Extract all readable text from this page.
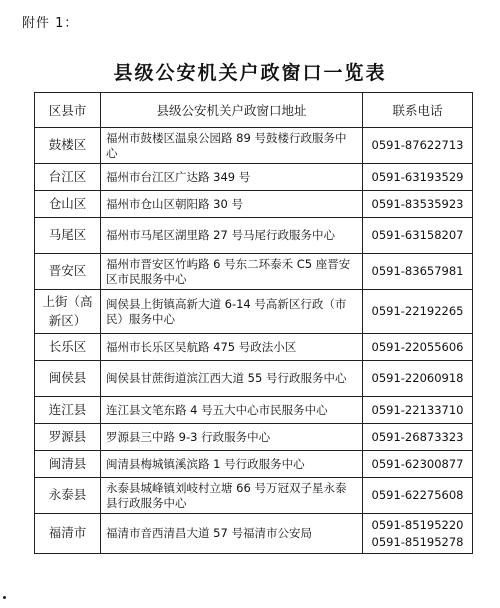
附件 1：
县级公安机关户政窗口一览表
区县市	县级公安机关户政窗口地址	联系电话
鼓楼区	福州市鼓楼区温泉公园路 89 号鼓楼行政服务中心	0591-87622713
台江区	福州市台江区广达路 349 号	0591-63193529
仓山区	福州市仓山区朝阳路 30 号	0591-83535923
马尾区	福州市马尾区湖里路 27 号马尾行政服务中心	0591-63158207
晋安区	福州市晋安区竹屿路 6 号东二环泰禾 C5 座晋安区市民服务中心	0591-83657981
上街（高新区）	闽侯县上街镇高新大道 6-14 号高新区行政（市民）服务中心	0591-22192265
长乐区	福州市长乐区吴航路 475 号政法小区	0591-22055606
闽侯县	闽侯县甘蔗街道滨江西大道 55 号行政服务中心	0591-22060918
连江县	连江县文笔东路 4 号五大中心市民服务中心	0591-22133710
罗源县	罗源县三中路 9-3 行政服务中心	0591-26873323
闽清县	闽清县梅城镇溪滨路 1 号行政服务中心	0591-62300877
永泰县	永泰县城峰镇刘岐村立塘 66 号万冠双子星永泰县行政服务中心	0591-62275608
福清市	福清市音西清昌大道 57 号福清市公安局	0591-85195220
0591-85195278
